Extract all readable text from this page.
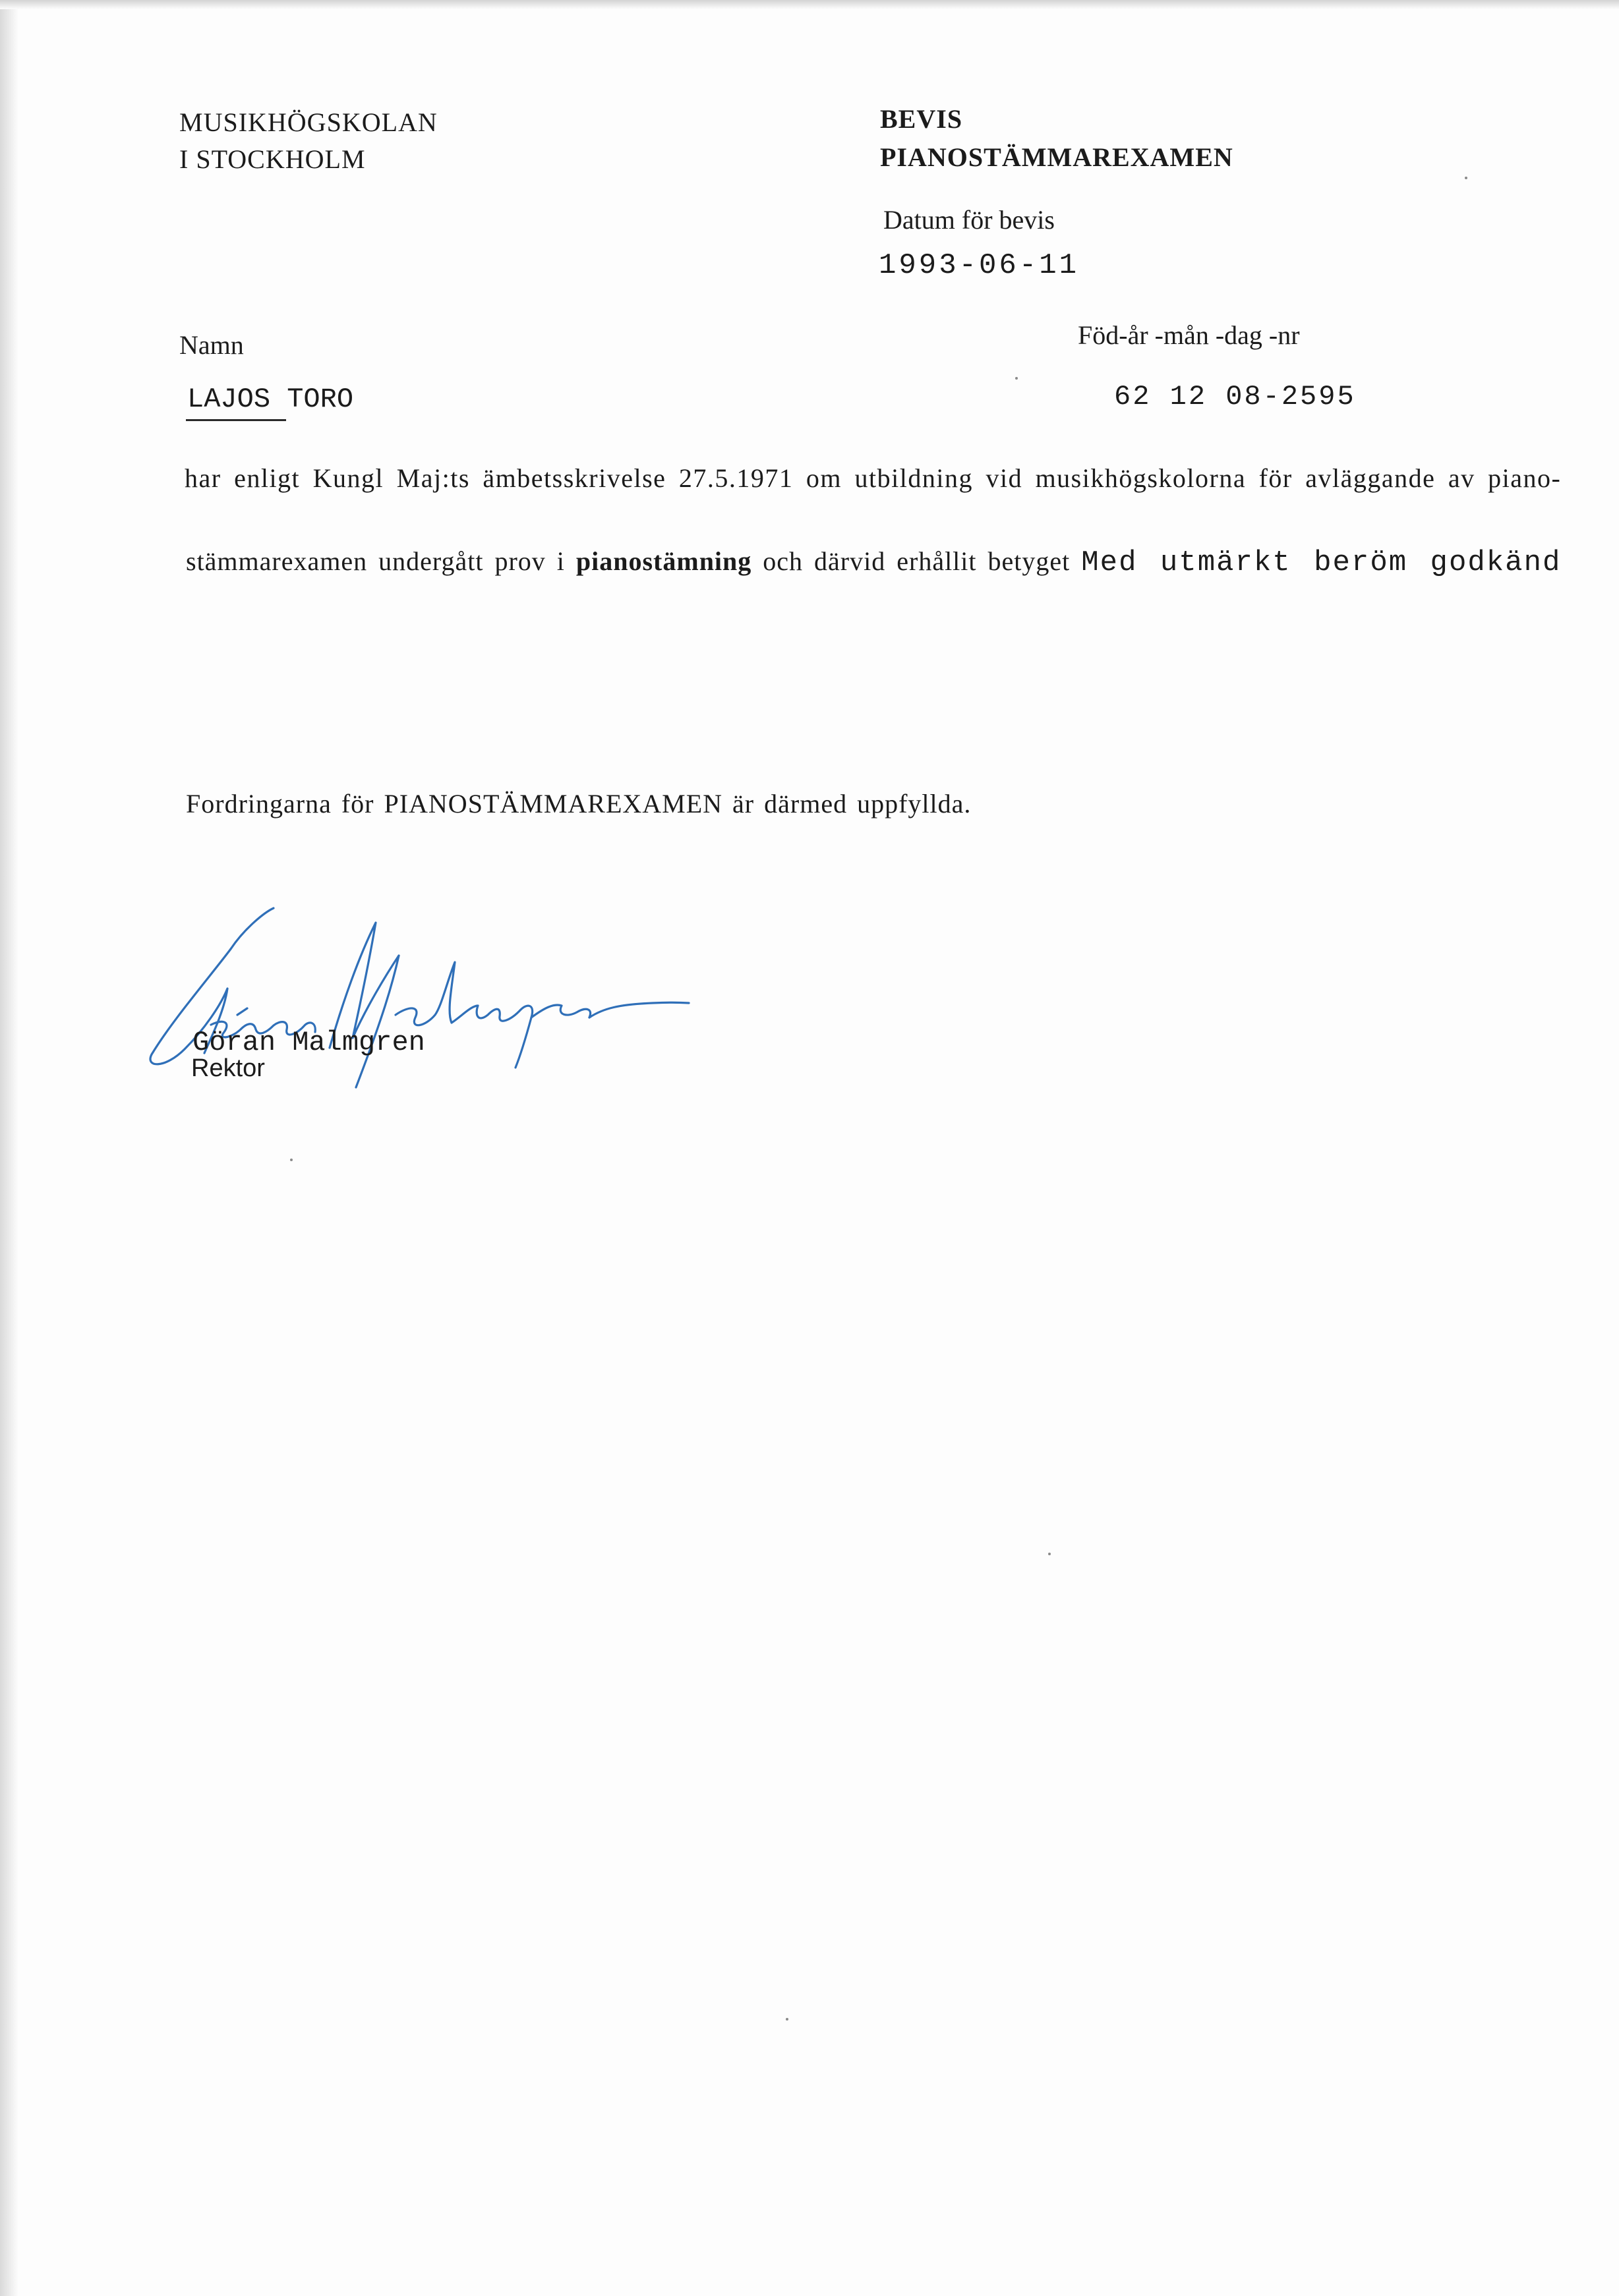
MUSIKHÖGSKOLAN
I STOCKHOLM
BEVIS
PIANOSTÄMMAREXAMEN
Datum för bevis
1993-06-11
Namn	Föd-år -mån -dag -nr
LAJOS TORO	62 12 08-2595
har enligt Kungl Maj:ts ämbetsskrivelse 27.5.1971 om utbildning vid musikhögskolorna för avläggande av piano-
stämmarexamen undergått prov i pianostämning och därvid erhållit betyget Med utmärkt beröm godkänd
Fordringarna för PIANOSTÄMMAREXAMEN är därmed uppfyllda.
Göran Malmgren
Rektor
